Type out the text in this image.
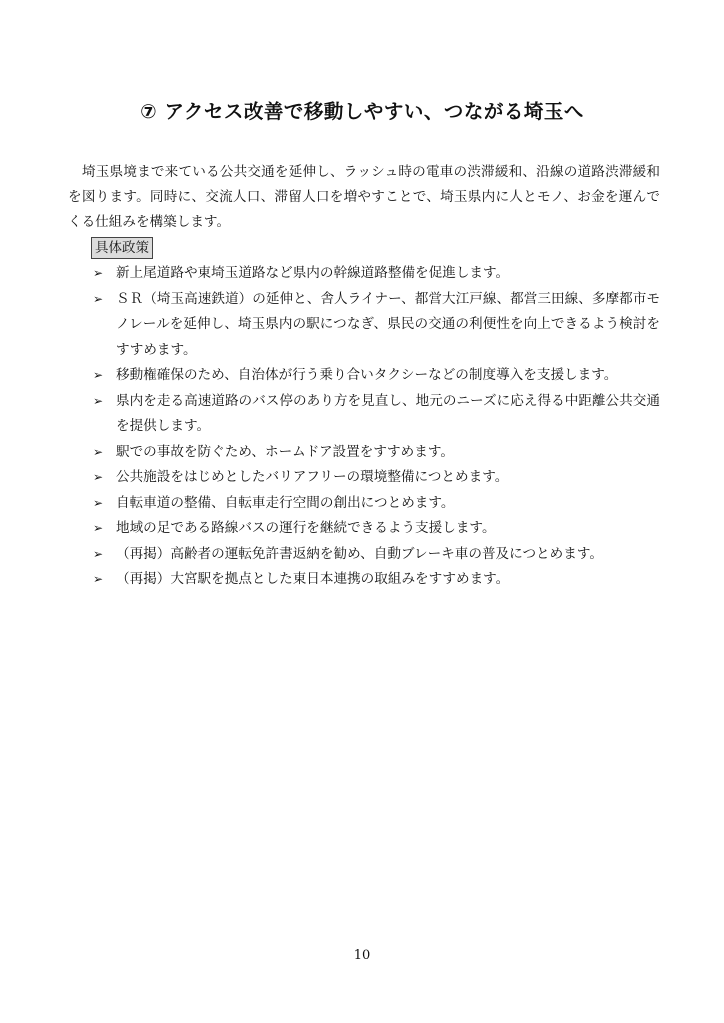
⑦ アクセス改善で移動しやすい、つながる埼玉へ

埼玉県境まで来ている公共交通を延伸し、ラッシュ時の電車の渋滞緩和、沿線の道路渋滞緩和を図ります。同時に、交流人口、滞留人口を増やすことで、埼玉県内に人とモノ、お金を運んでくる仕組みを構築します。

具体政策
➢ 新上尾道路や東埼玉道路など県内の幹線道路整備を促進します。
➢ ＳＲ（埼玉高速鉄道）の延伸と、舎人ライナー、都営大江戸線、都営三田線、多摩都市モノレールを延伸し、埼玉県内の駅につなぎ、県民の交通の利便性を向上できるよう検討をすすめます。
➢ 移動権確保のため、自治体が行う乗り合いタクシーなどの制度導入を支援します。
➢ 県内を走る高速道路のバス停のあり方を見直し、地元のニーズに応え得る中距離公共交通を提供します。
➢ 駅での事故を防ぐため、ホームドア設置をすすめます。
➢ 公共施設をはじめとしたバリアフリーの環境整備につとめます。
➢ 自転車道の整備、自転車走行空間の創出につとめます。
➢ 地域の足である路線バスの運行を継続できるよう支援します。
➢ （再掲）高齢者の運転免許書返納を勧め、自動ブレーキ車の普及につとめます。
➢ （再掲）大宮駅を拠点とした東日本連携の取組みをすすめます。
10
